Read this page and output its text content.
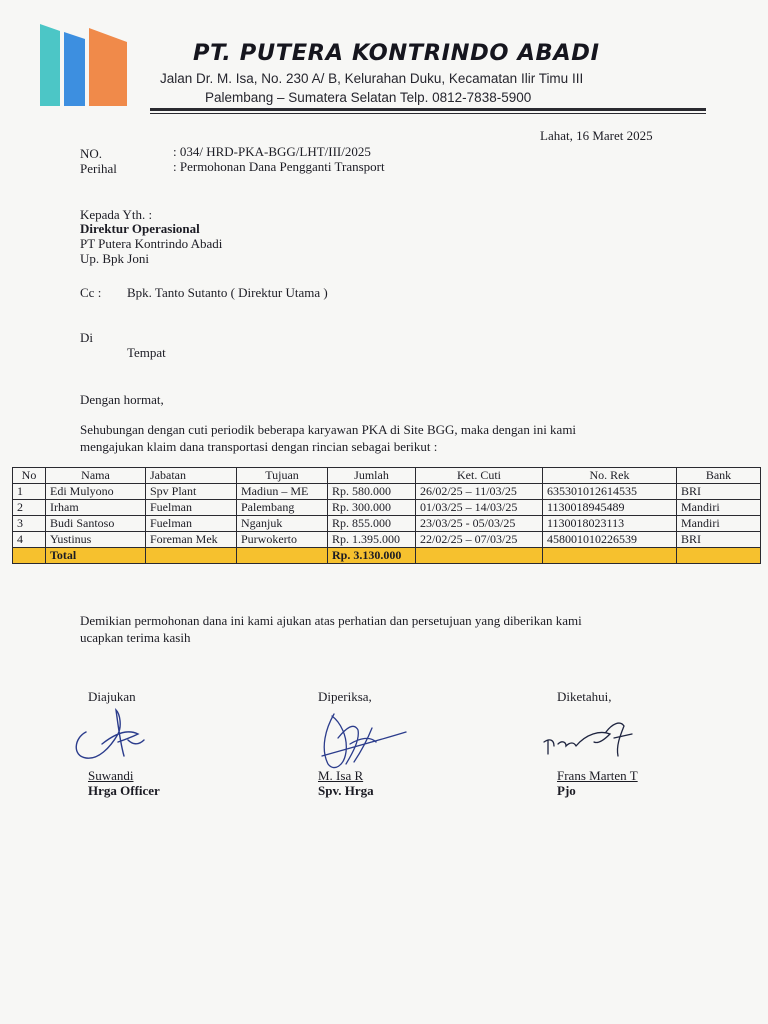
PT. PUTERA KONTRINDO ABADI
Jalan Dr. M. Isa, No. 230 A/ B, Kelurahan Duku, Kecamatan Ilir Timu III
Palembang – Sumatera Selatan Telp. 0812-7838-5900
Lahat, 16 Maret 2025
NO.	: 034/ HRD-PKA-BGG/LHT/III/2025
Perihal	: Permohonan Dana Pengganti Transport
Kepada Yth. :
Direktur Operasional
PT Putera Kontrindo Abadi
Up. Bpk Joni
Cc : Bpk. Tanto Sutanto ( Direktur Utama )
Di
Tempat
Dengan hormat,
Sehubungan dengan cuti periodik beberapa karyawan PKA di Site BGG, maka dengan ini kami
mengajukan klaim dana transportasi dengan rincian sebagai berikut :
No	Nama	Jabatan	Tujuan	Jumlah	Ket. Cuti	No. Rek	Bank
1	Edi Mulyono	Spv Plant	Madiun – ME	Rp. 580.000	26/02/25 – 11/03/25	635301012614535	BRI
2	Irham	Fuelman	Palembang	Rp. 300.000	01/03/25 – 14/03/25	1130018945489	Mandiri
3	Budi Santoso	Fuelman	Nganjuk	Rp. 855.000	23/03/25 - 05/03/25	1130018023113	Mandiri
4	Yustinus	Foreman Mek	Purwokerto	Rp. 1.395.000	22/02/25 – 07/03/25	458001010226539	BRI
	Total			Rp. 3.130.000			
Demikian permohonan dana ini kami ajukan atas perhatian dan persetujuan yang diberikan kami
ucapkan terima kasih
Diajukan	Diperiksa,	Diketahui,
Suwandi	M. Isa R	Frans Marten T
Hrga Officer	Spv. Hrga	Pjo
